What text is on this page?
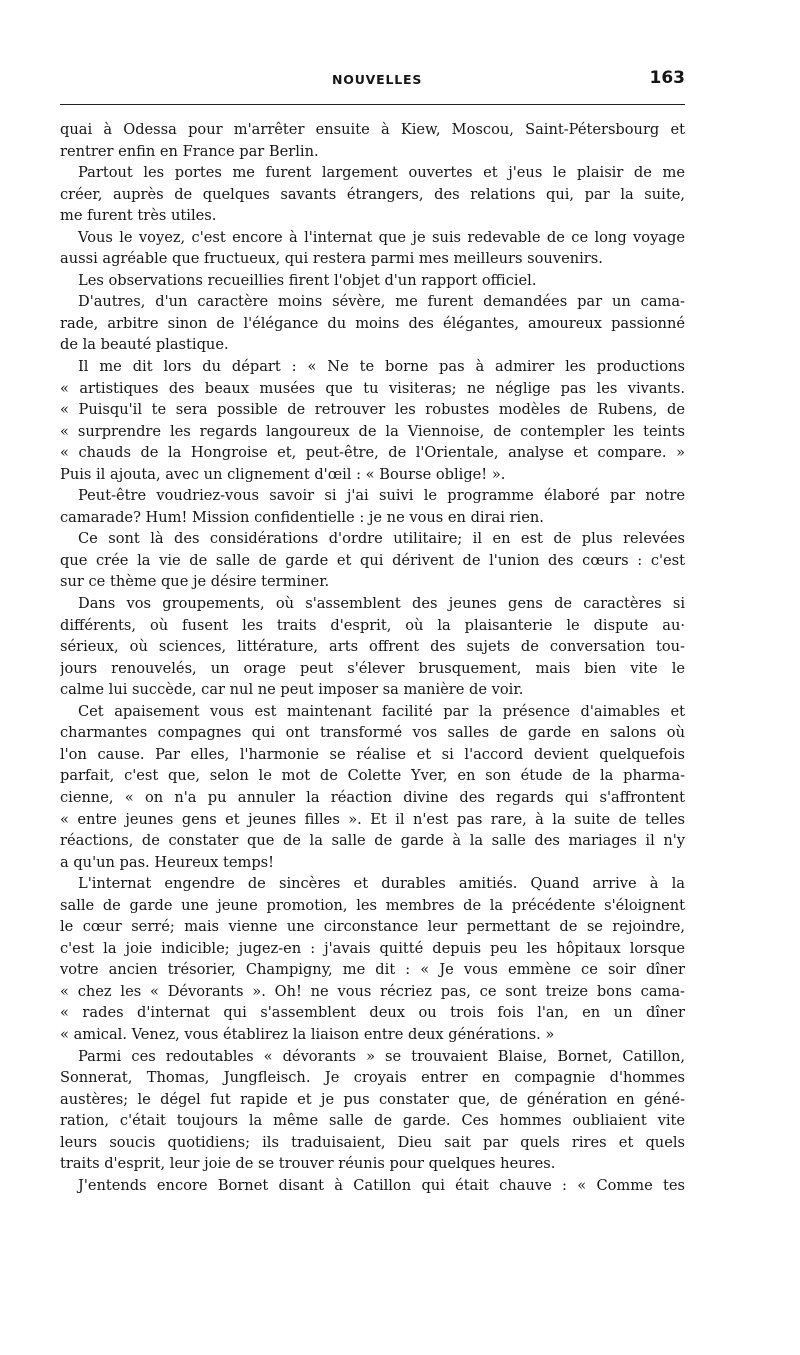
NOUVELLES	163
quai à Odessa pour m'arrêter ensuite à Kiew, Moscou, Saint-Pétersbourg et
rentrer enfin en France par Berlin.
Partout les portes me furent largement ouvertes et j'eus le plaisir de me
créer, auprès de quelques savants étrangers, des relations qui, par la suite,
me furent très utiles.
Vous le voyez, c'est encore à l'internat que je suis redevable de ce long voyage
aussi agréable que fructueux, qui restera parmi mes meilleurs souvenirs.
Les observations recueillies firent l'objet d'un rapport officiel.
D'autres, d'un caractère moins sévère, me furent demandées par un cama-
rade, arbitre sinon de l'élégance du moins des élégantes, amoureux passionné
de la beauté plastique.
Il me dit lors du départ : « Ne te borne pas à admirer les productions
« artistiques des beaux musées que tu visiteras; ne néglige pas les vivants.
« Puisqu'il te sera possible de retrouver les robustes modèles de Rubens, de
« surprendre les regards langoureux de la Viennoise, de contempler les teints
« chauds de la Hongroise et, peut-être, de l'Orientale, analyse et compare. »
Puis il ajouta, avec un clignement d'œil : « Bourse oblige! ».
Peut-être voudriez-vous savoir si j'ai suivi le programme élaboré par notre
camarade? Hum! Mission confidentielle : je ne vous en dirai rien.
Ce sont là des considérations d'ordre utilitaire; il en est de plus relevées
que crée la vie de salle de garde et qui dérivent de l'union des cœurs : c'est
sur ce thème que je désire terminer.
Dans vos groupements, où s'assemblent des jeunes gens de caractères si
différents, où fusent les traits d'esprit, où la plaisanterie le dispute au·
sérieux, où sciences, littérature, arts offrent des sujets de conversation tou-
jours renouvelés, un orage peut s'élever brusquement, mais bien vite le
calme lui succède, car nul ne peut imposer sa manière de voir.
Cet apaisement vous est maintenant facilité par la présence d'aimables et
charmantes compagnes qui ont transformé vos salles de garde en salons où
l'on cause. Par elles, l'harmonie se réalise et si l'accord devient quelquefois
parfait, c'est que, selon le mot de Colette Yver, en son étude de la pharma-
cienne, « on n'a pu annuler la réaction divine des regards qui s'affrontent
« entre jeunes gens et jeunes filles ». Et il n'est pas rare, à la suite de telles
réactions, de constater que de la salle de garde à la salle des mariages il n'y
a qu'un pas. Heureux temps!
L'internat engendre de sincères et durables amitiés. Quand arrive à la
salle de garde une jeune promotion, les membres de la précédente s'éloignent
le cœur serré; mais vienne une circonstance leur permettant de se rejoindre,
c'est la joie indicible; jugez-en : j'avais quitté depuis peu les hôpitaux lorsque
votre ancien trésorier, Champigny, me dit : « Je vous emmène ce soir dîner
« chez les « Dévorants ». Oh! ne vous récriez pas, ce sont treize bons cama-
« rades d'internat qui s'assemblent deux ou trois fois l'an, en un dîner
« amical. Venez, vous établirez la liaison entre deux générations. »
Parmi ces redoutables « dévorants » se trouvaient Blaise, Bornet, Catillon,
Sonnerat, Thomas, Jungfleisch. Je croyais entrer en compagnie d'hommes
austères; le dégel fut rapide et je pus constater que, de génération en géné-
ration, c'était toujours la même salle de garde. Ces hommes oubliaient vite
leurs soucis quotidiens; ils traduisaient, Dieu sait par quels rires et quels
traits d'esprit, leur joie de se trouver réunis pour quelques heures.
J'entends encore Bornet disant à Catillon qui était chauve : « Comme tes
